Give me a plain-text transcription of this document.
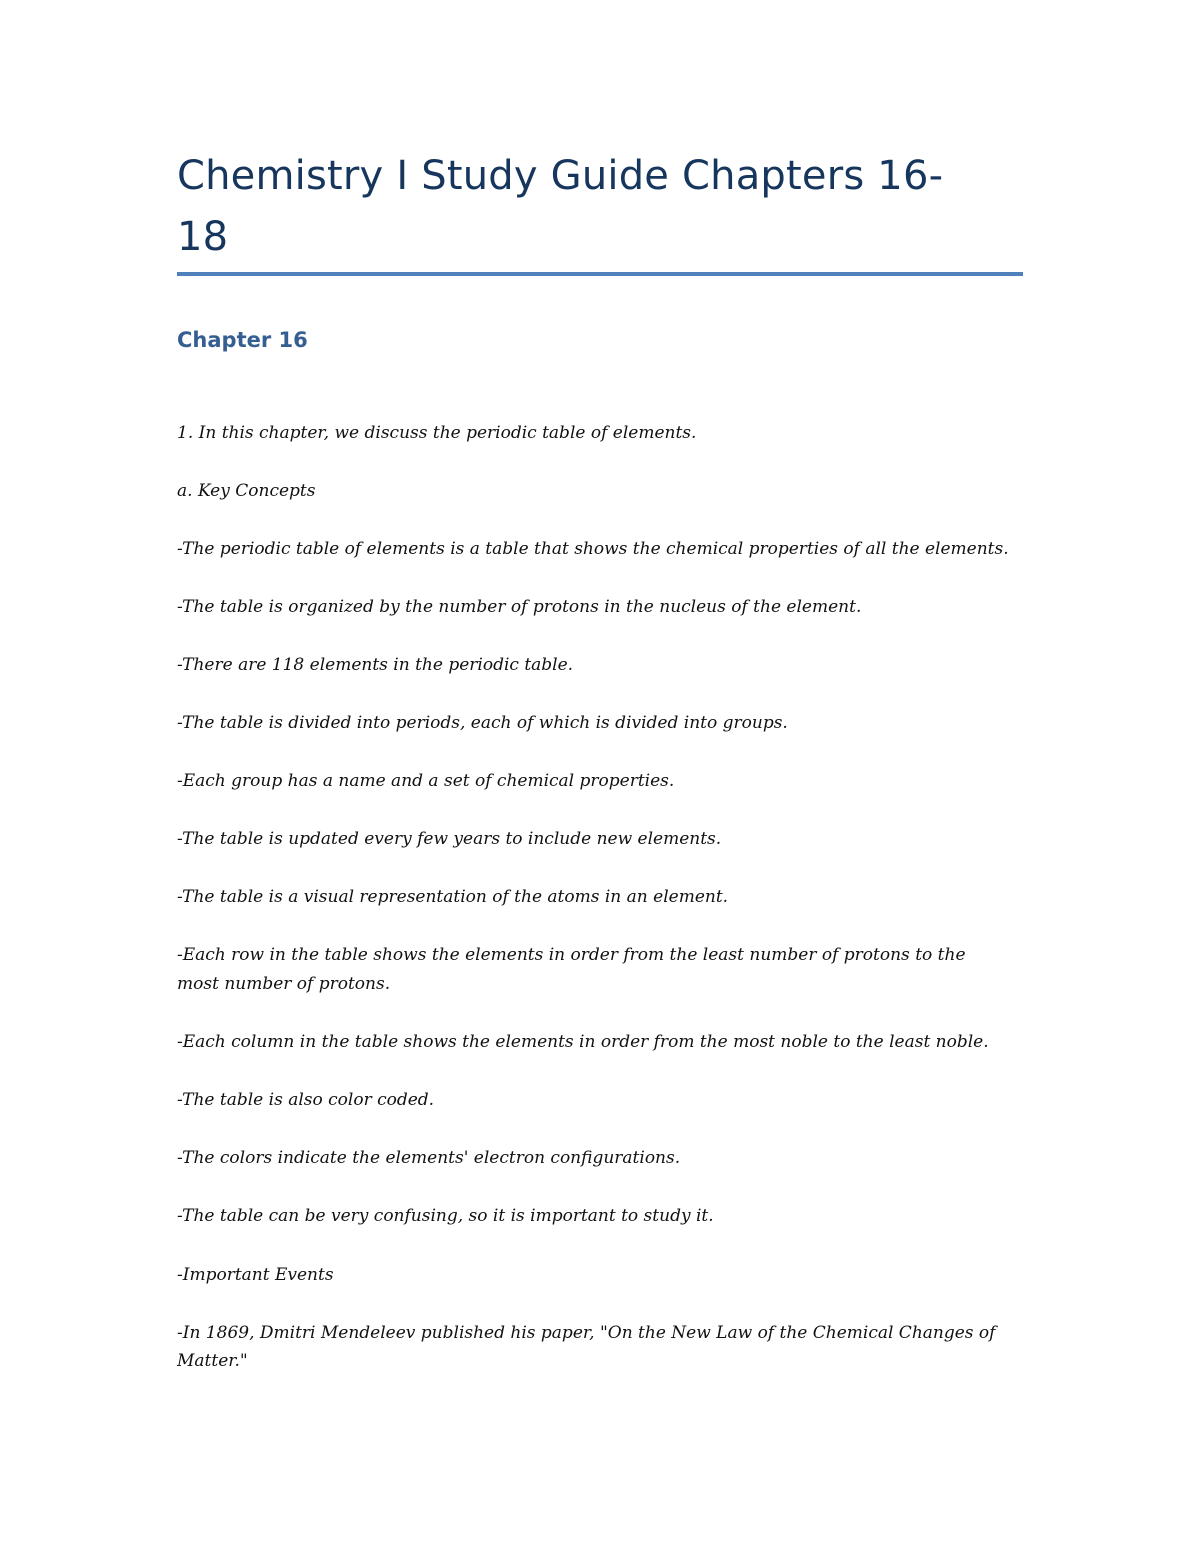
Chemistry I Study Guide Chapters 16-
18
Chapter 16

1. In this chapter, we discuss the periodic table of elements.

a. Key Concepts

-The periodic table of elements is a table that shows the chemical properties of all the elements.

-The table is organized by the number of protons in the nucleus of the element.

-There are 118 elements in the periodic table.

-The table is divided into periods, each of which is divided into groups.

-Each group has a name and a set of chemical properties.

-The table is updated every few years to include new elements.

-The table is a visual representation of the atoms in an element.

-Each row in the table shows the elements in order from the least number of protons to the

most number of protons.

-Each column in the table shows the elements in order from the most noble to the least noble.

-The table is also color coded.

-The colors indicate the elements' electron configurations.

-The table can be very confusing, so it is important to study it.

-Important Events

-In 1869, Dmitri Mendeleev published his paper, "On the New Law of the Chemical Changes of

Matter."
